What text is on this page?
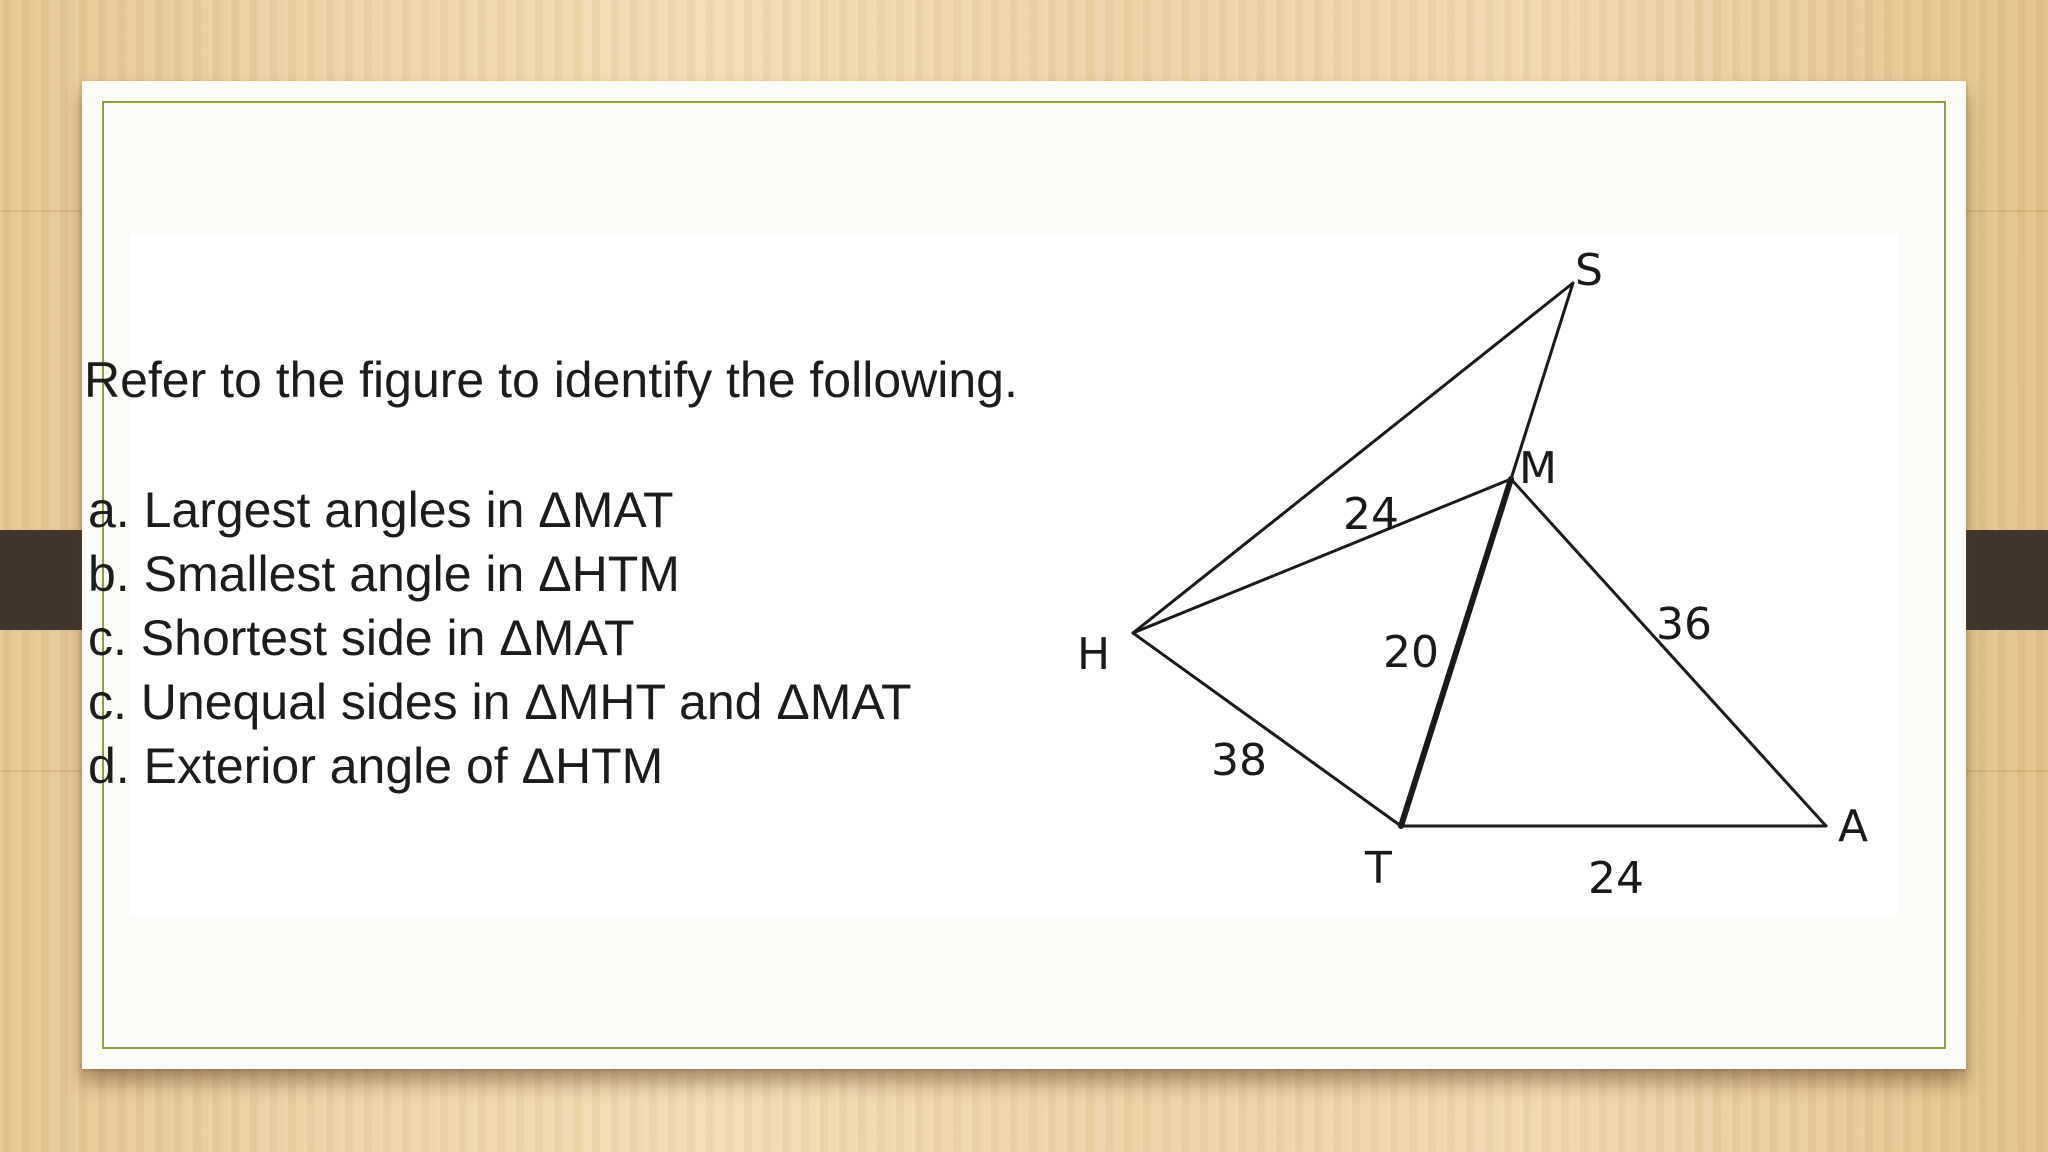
Refer to the figure to identify the following.

a. Largest angles in ΔMAT
b. Smallest angle in ΔHTM
c. Shortest side in ΔMAT
c. Unequal sides in ΔMHT and ΔMAT
d. Exterior angle of ΔHTM
S
M
H
T
A
24
20
36
38
24
